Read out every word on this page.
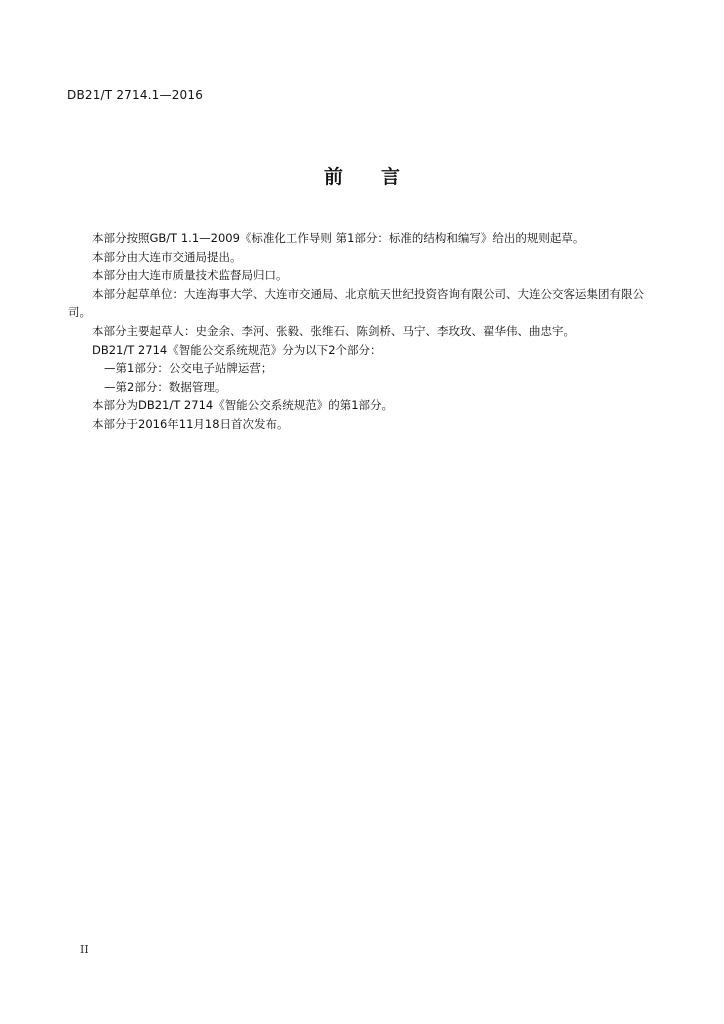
DB21/T 2714.1—2016
前 言

本部分按照GB/T 1.1—2009《标准化工作导则 第1部分：标准的结构和编写》给出的规则起草。

本部分由大连市交通局提出。

本部分由大连市质量技术监督局归口。

本部分起草单位：大连海事大学、大连市交通局、北京航天世纪投资咨询有限公司、大连公交客运集团有限公司。

本部分主要起草人：史金余、李河、张毅、张维石、陈剑桥、马宁、李玫玫、翟华伟、曲忠宇。

DB21/T 2714《智能公交系统规范》分为以下2个部分：

—第1部分：公交电子站牌运营；

—第2部分：数据管理。

本部分为DB21/T 2714《智能公交系统规范》的第1部分。

本部分于2016年11月18日首次发布。

II
